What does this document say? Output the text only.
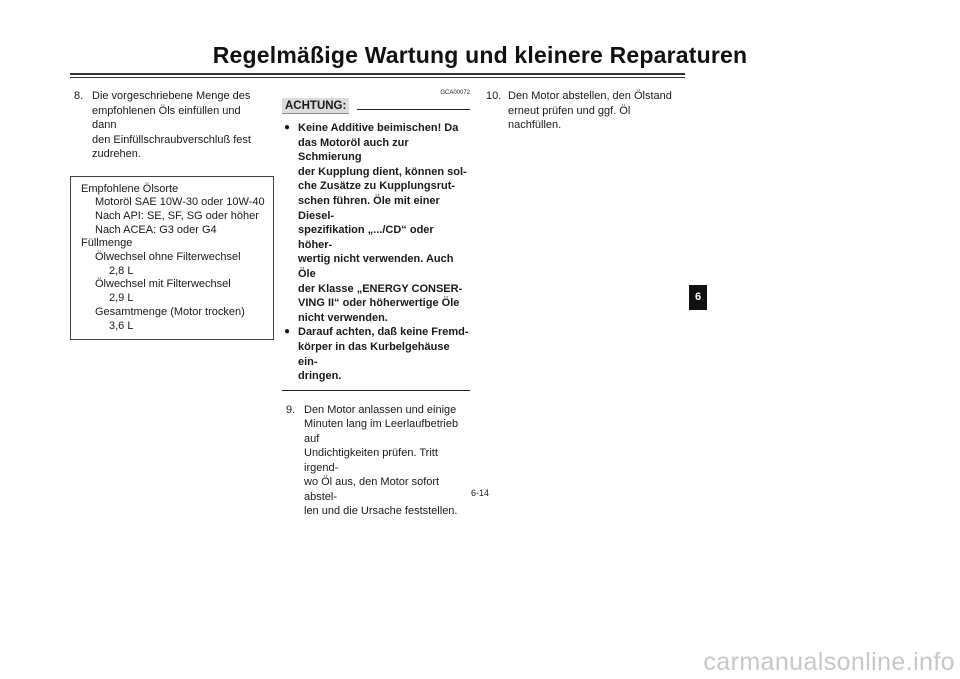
Regelmäßige Wartung und kleinere Reparaturen
8. Die vorgeschriebene Menge des
empfohlenen Öls einfüllen und dann
den Einfüllschraubverschluß fest
zudrehen.
Empfohlene Ölsorte
Motoröl SAE 10W-30 oder 10W-40
Nach API: SE, SF, SG oder höher
Nach ACEA: G3 oder G4
Füllmenge
Ölwechsel ohne Filterwechsel
2,8 L
Ölwechsel mit Filterwechsel
2,9 L
Gesamtmenge (Motor trocken)
3,6 L
GCA00072
ACHTUNG:
● Keine Additive beimischen! Da
das Motoröl auch zur Schmierung
der Kupplung dient, können sol-
che Zusätze zu Kupplungsrut-
schen führen. Öle mit einer Diesel-
spezifikation „.../CD“ oder höher-
wertig nicht verwenden. Auch Öle
der Klasse „ENERGY CONSER-
VING II“ oder höherwertige Öle
nicht verwenden.
● Darauf achten, daß keine Fremd-
körper in das Kurbelgehäuse ein-
dringen.
9. Den Motor anlassen und einige
Minuten lang im Leerlaufbetrieb auf
Undichtigkeiten prüfen. Tritt irgend-
wo Öl aus, den Motor sofort abstel-
len und die Ursache feststellen.
10. Den Motor abstellen, den Ölstand
erneut prüfen und ggf. Öl nachfüllen.
6-14
6
carmanualsonline.info
